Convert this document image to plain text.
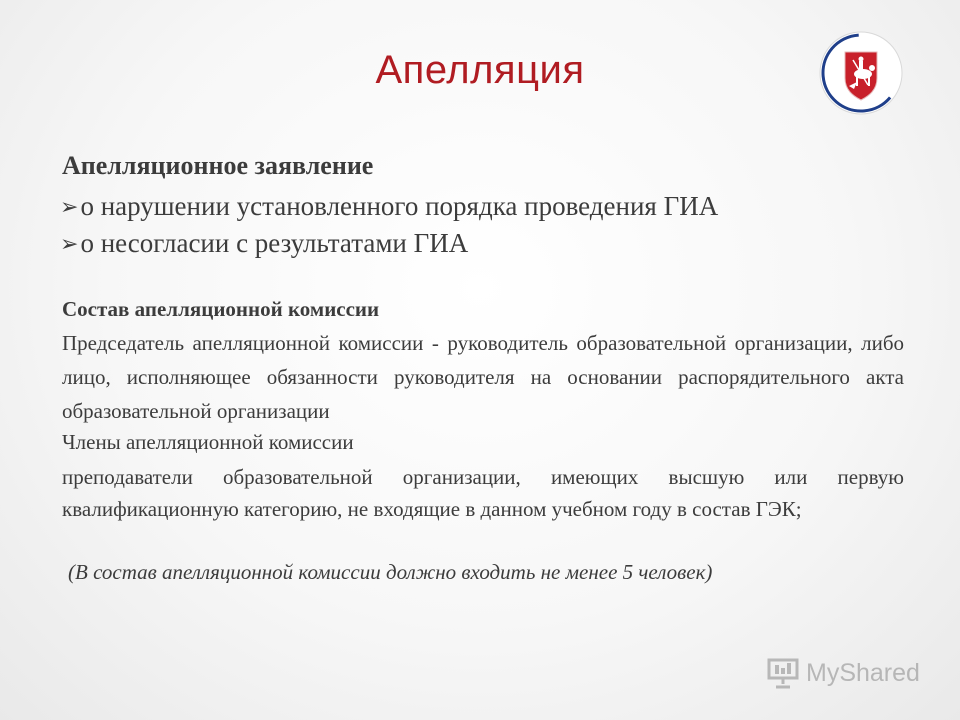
Апелляция
Апелляционное заявление
➢о нарушении установленного порядка проведения ГИА
➢о несогласии с результатами ГИА
Состав апелляционной комиссии

Председатель апелляционной комиссии - руководитель образовательной организации, либо лицо, исполняющее обязанности руководителя на основании распорядительного акта образовательной организации

Члены апелляционной комиссии

преподаватели образовательной организации, имеющих высшую или первую квалификационную категорию, не входящие в данном учебном году в состав ГЭК;

(В состав апелляционной комиссии должно входить не менее 5 человек)
MyShared
